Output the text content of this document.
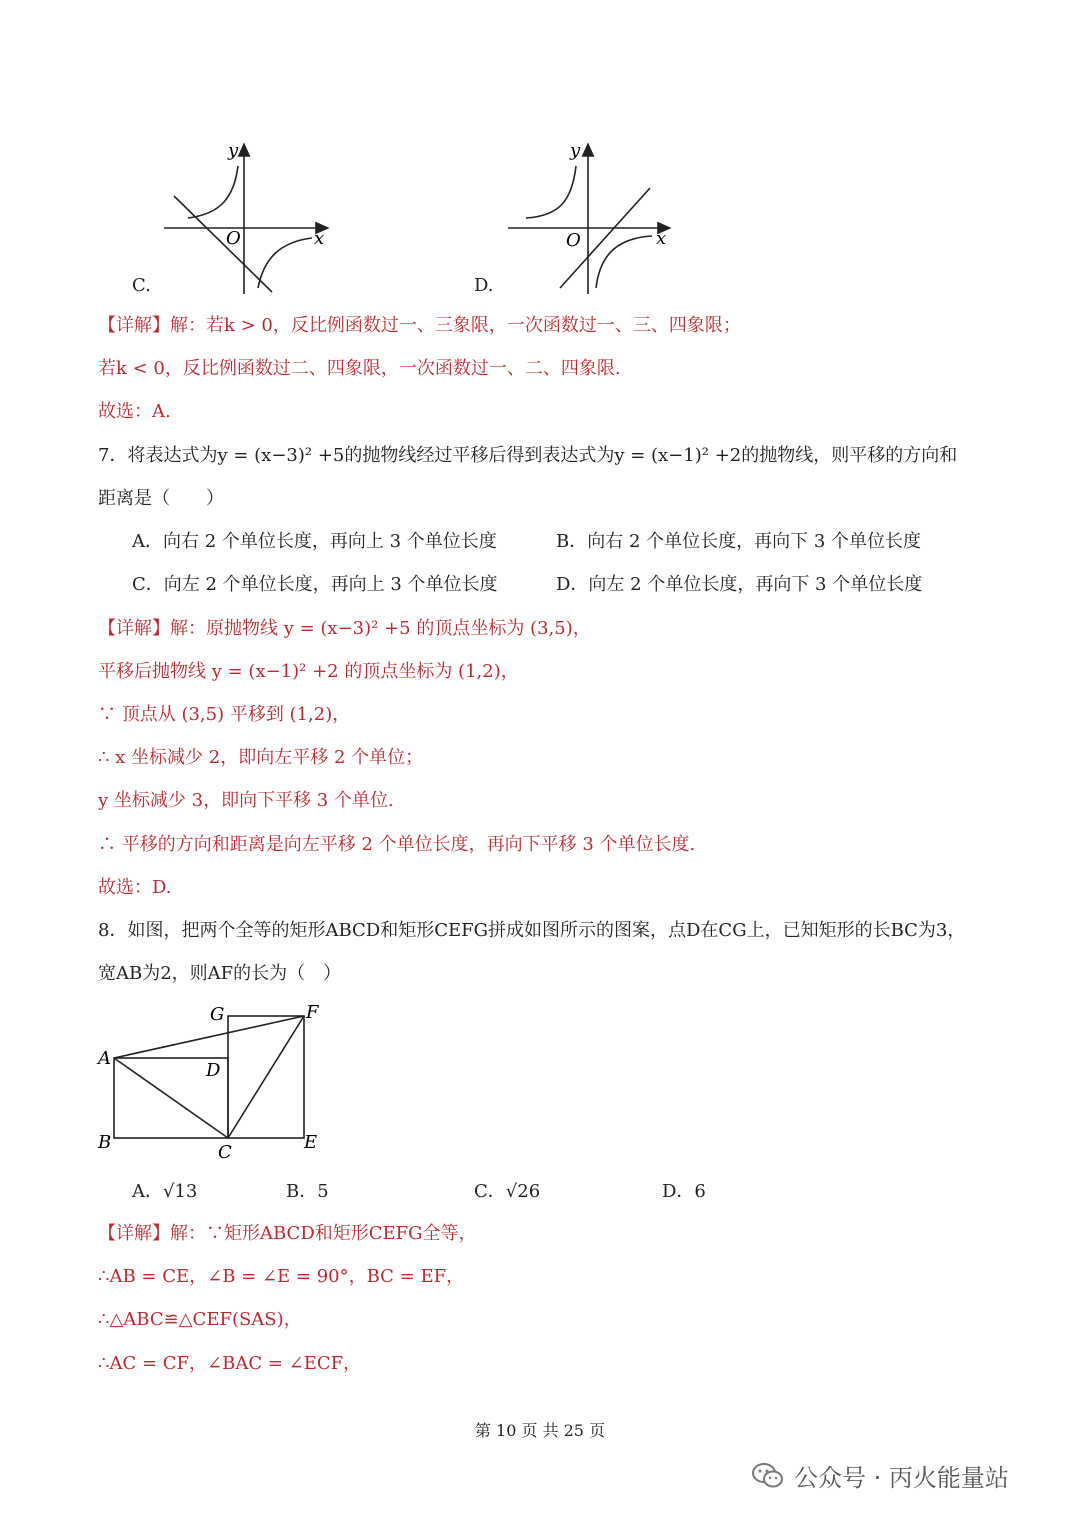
y
x
O
C.
y
x
O
D.
【详解】解：若k > 0，反比例函数过一、三象限，一次函数过一、三、四象限；
若k < 0，反比例函数过二、四象限，一次函数过一、二、四象限.
故选：A.
7．将表达式为y = (x−3)² +5的抛物线经过平移后得到表达式为y = (x−1)² +2的抛物线，则平移的方向和
距离是（　　）
A．向右 2 个单位长度，再向上 3 个单位长度	B．向右 2 个单位长度，再向下 3 个单位长度
C．向左 2 个单位长度，再向上 3 个单位长度	D．向左 2 个单位长度，再向下 3 个单位长度
【详解】解：原抛物线 y = (x−3)² +5 的顶点坐标为 (3,5)，
平移后抛物线 y = (x−1)² +2 的顶点坐标为 (1,2)，
∵ 顶点从 (3,5) 平移到 (1,2)，
∴ x 坐标减少 2，即向左平移 2 个单位；
y 坐标减少 3，即向下平移 3 个单位.
∴ 平移的方向和距离是向左平移 2 个单位长度，再向下平移 3 个单位长度.
故选：D.
8．如图，把两个全等的矩形ABCD和矩形CEFG拼成如图所示的图案，点D在CG上，已知矩形的长BC为3，
宽AB为2，则AF的长为（　）
G	F
A
D
B	C	E
A．√13	B．5	C．√26	D．6
【详解】解：∵矩形ABCD和矩形CEFG全等，
∴AB = CE，∠B = ∠E = 90°，BC = EF，
∴△ABC≌△CEF(SAS)，
∴AC = CF，∠BAC = ∠ECF，
第 10 页 共 25 页
公众号 · 丙火能量站
